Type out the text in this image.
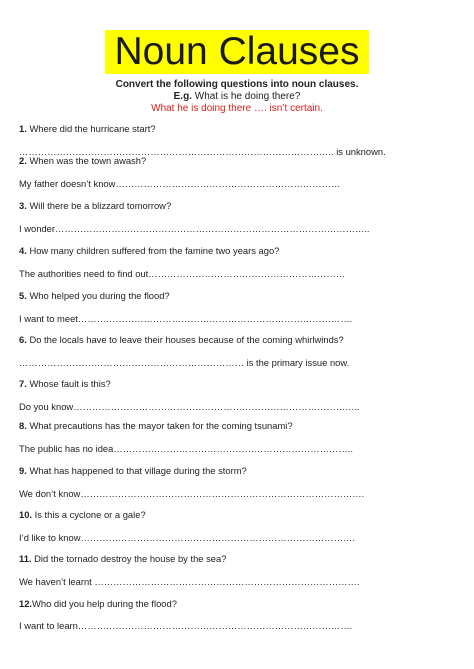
Noun Clauses
Convert the following questions into noun clauses.
E.g. What is he doing there?
What he is doing there …. isn’t certain.
1. Where did the hurricane start?
……………………………………………………………………………………….. is unknown.
2. When was the town awash?
My father doesn’t know………………………………………………………………
3. Will there be a blizzard tomorrow?
I wonder………………………………………………………………………………………..
4. How many children suffered from the famine two years ago?
The authorities need to find out………………………………………………………
5. Who helped you during the flood?
I want to meet…………………………………………………………………………….
6. Do the locals have to leave their houses because of the coming whirlwinds?
……………………………………………………………… is the primary issue now.
7. Whose fault is this?
Do you know………………………………………………………………………………..
8. What precautions has the mayor taken for the coming tsunami?
The public has no idea…………………………………………………………………..
9. What has happened to that village during the storm?
We don’t know……………………………………………………………………………….
10. Is this a cyclone or a gale?
I’d like to know…………………………………………………………………………….
11. Did the tornado destroy the house by the sea?
We haven’t learnt ………………………………………………………………………….
12.Who did you help during the flood?
I want to learn…………………………………………………………………………….
